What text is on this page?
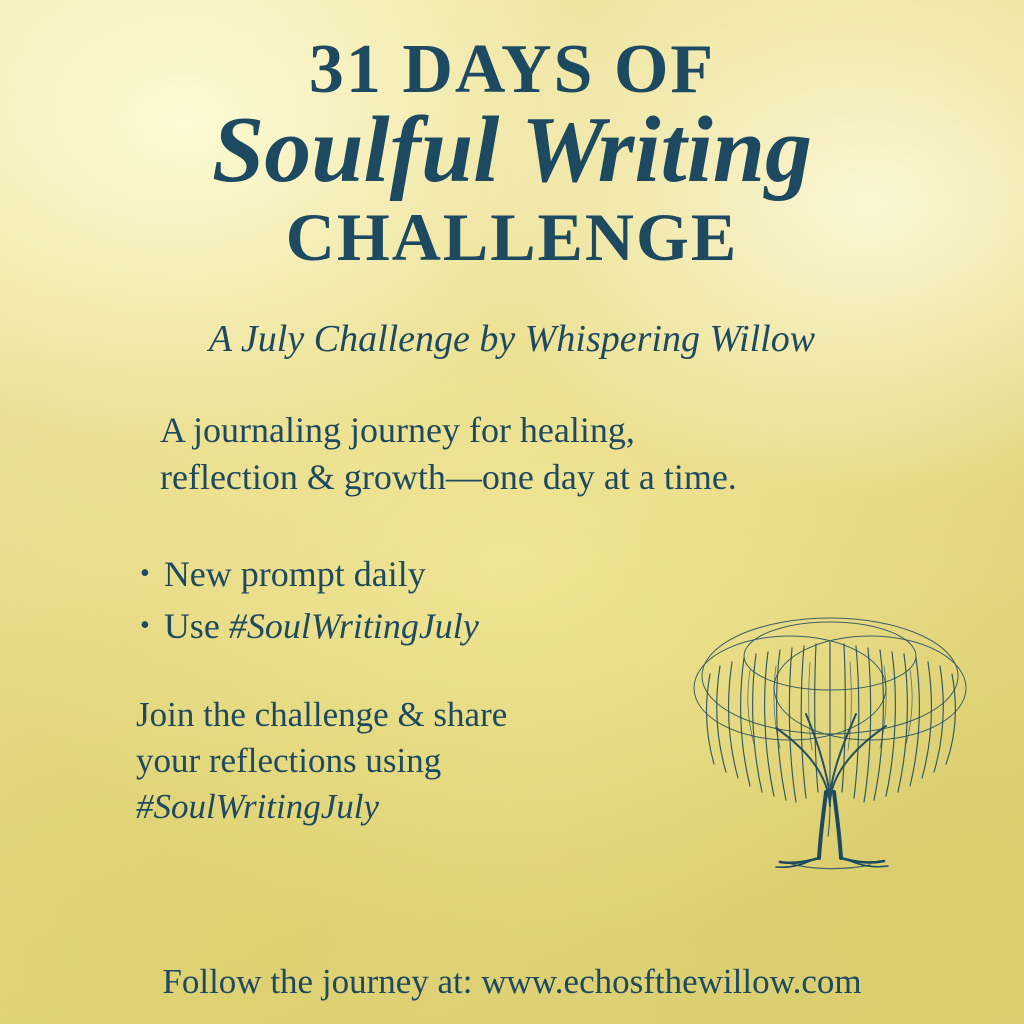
31 DAYS OF
Soulful Writing
CHALLENGE
A July Challenge by Whispering Willow
A journaling journey for healing,
reflection & growth—one day at a time.
• New prompt daily
• Use #SoulWritingJuly
Join the challenge & share
your reflections using
#SoulWritingJuly
Follow the journey at: www.echosfthewillow.com
